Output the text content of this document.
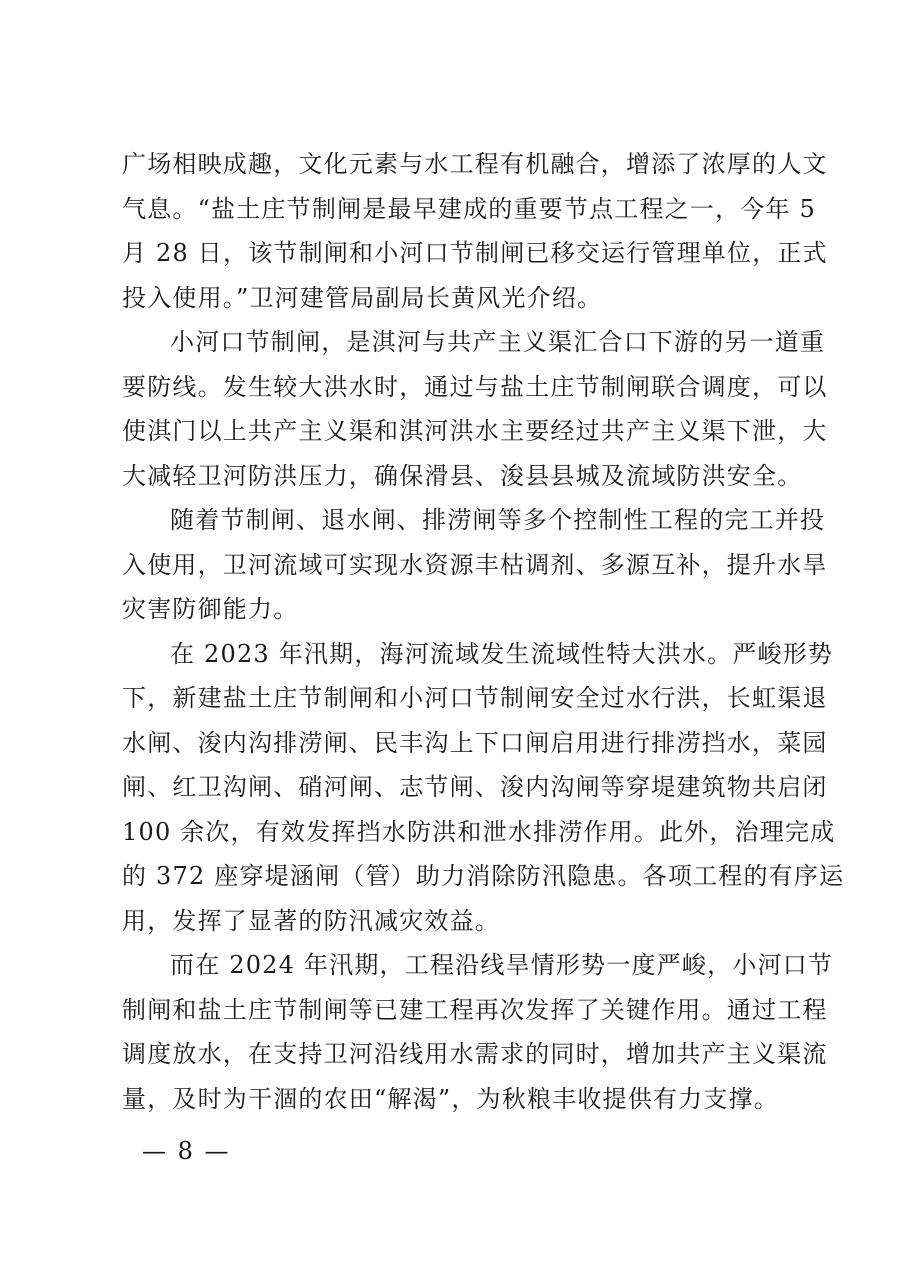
广场相映成趣，文化元素与水工程有机融合，增添了浓厚的人文
气息。“盐土庄节制闸是最早建成的重要节点工程之一，今年 5
月 28 日，该节制闸和小河口节制闸已移交运行管理单位，正式
投入使用。”卫河建管局副局长黄风光介绍。
小河口节制闸，是淇河与共产主义渠汇合口下游的另一道重
要防线。发生较大洪水时，通过与盐土庄节制闸联合调度，可以
使淇门以上共产主义渠和淇河洪水主要经过共产主义渠下泄，大
大减轻卫河防洪压力，确保滑县、浚县县城及流域防洪安全。
随着节制闸、退水闸、排涝闸等多个控制性工程的完工并投
入使用，卫河流域可实现水资源丰枯调剂、多源互补，提升水旱
灾害防御能力。
在 2023 年汛期，海河流域发生流域性特大洪水。严峻形势
下，新建盐土庄节制闸和小河口节制闸安全过水行洪，长虹渠退
水闸、浚内沟排涝闸、民丰沟上下口闸启用进行排涝挡水，菜园
闸、红卫沟闸、硝河闸、志节闸、浚内沟闸等穿堤建筑物共启闭
100 余次，有效发挥挡水防洪和泄水排涝作用。此外，治理完成
的 372 座穿堤涵闸（管）助力消除防汛隐患。各项工程的有序运
用，发挥了显著的防汛减灾效益。
而在 2024 年汛期，工程沿线旱情形势一度严峻，小河口节
制闸和盐土庄节制闸等已建工程再次发挥了关键作用。通过工程
调度放水，在支持卫河沿线用水需求的同时，增加共产主义渠流
量，及时为干涸的农田“解渴”，为秋粮丰收提供有力支撑。
— 8 —
